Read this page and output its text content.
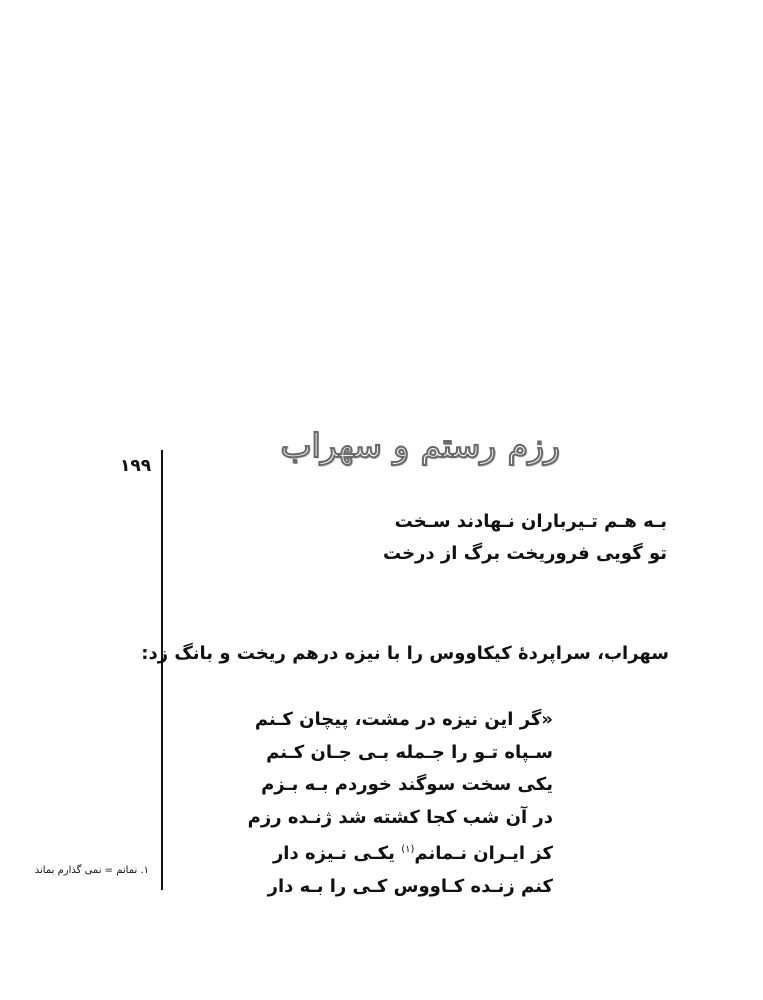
۱۹۹
رزم رستم و سهراب
بـه هـم تـیرباران نـهادند سـخت
تو گویی فروریخت برگ از درخت
سهراب، سراپردهٔ کیکاووس را با نیزه درهم ریخت و بانگ زد:
«گر این نیزه در مشت، پیچان کـنم
سـپاه تـو را جـمله بـی جـان کـنم
یکی سخت سوگند خوردم بـه بـزم
در آن شب کجا کشته شد ژنـده رزم
کز ایـران نـمانم$^{(۱)}$ یکـی نـیزه دار
کنم زنـده کـاووس کـی را بـه دار
۱. نمانم = نمی گذارم بماند
